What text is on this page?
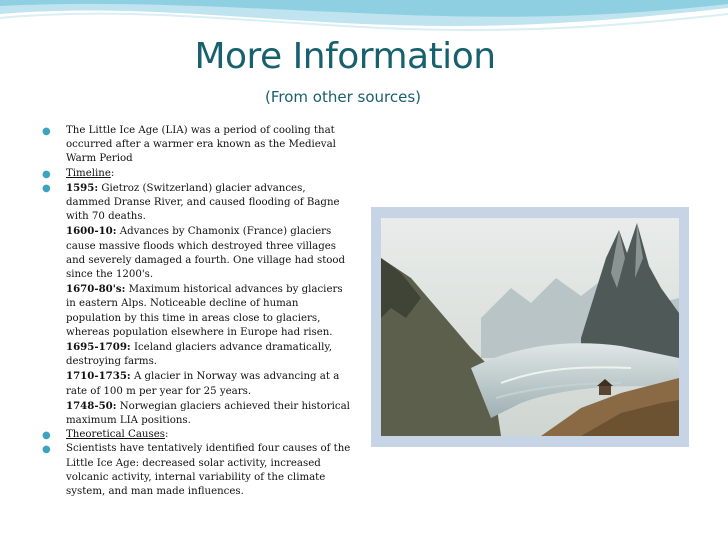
More Information
(From other sources)
● The Little Ice Age (LIA) was a period of cooling that occurred after a warmer era known as the Medieval Warm Period
● Timeline:
● 1595: Gietroz (Switzerland) glacier advances, dammed Dranse River, and caused flooding of Bagne with 70 deaths.

1600-10: Advances by Chamonix (France) glaciers cause massive floods which destroyed three villages and severely damaged a fourth. One village had stood since the 1200's.

1670-80's: Maximum historical advances by glaciers in eastern Alps. Noticeable decline of human population by this time in areas close to glaciers, whereas population elsewhere in Europe had risen.

1695-1709: Iceland glaciers advance dramatically, destroying farms.

1710-1735: A glacier in Norway was advancing at a rate of 100 m per year for 25 years.

1748-50: Norwegian glaciers achieved their historical maximum LIA positions.

● Theoretical Causes:
● Scientists have tentatively identified four causes of the Little Ice Age: decreased solar activity, increased volcanic activity, internal variability of the climate system, and man made influences.
